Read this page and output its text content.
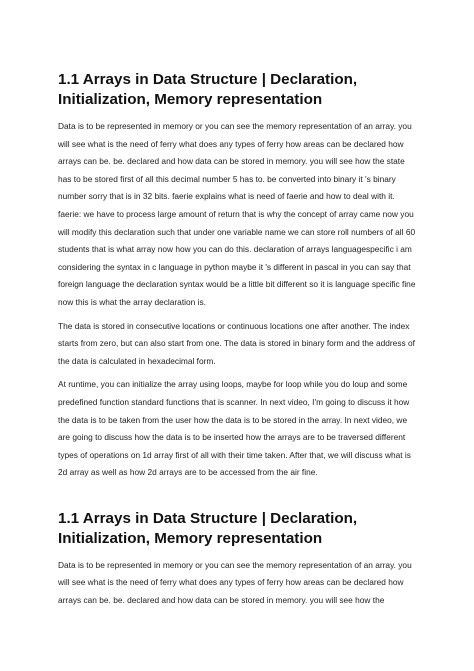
1.1 Arrays in Data Structure | Declaration, Initialization, Memory representation

Data is to be represented in memory or you can see the memory representation of an array. you will see what is the need of ferry what does any types of ferry how areas can be declared how arrays can be. be. declared and how data can be stored in memory. you will see how the state has to be stored first of all this decimal number 5 has to. be converted into binary it 's binary number sorry that is in 32 bits. faerie explains what is need of faerie and how to deal with it. faerie: we have to process large amount of return that is why the concept of array came now you will modify this declaration such that under one variable name we can store roll numbers of all 60 students that is what array now how you can do this. declaration of arrays languagespecific i am considering the syntax in c language in python maybe it 's different in pascal in you can say that foreign language the declaration syntax would be a little bit different so it is language specific fine now this is what the array declaration is.

The data is stored in consecutive locations or continuous locations one after another. The index starts from zero, but can also start from one. The data is stored in binary form and the address of the data is calculated in hexadecimal form.

At runtime, you can initialize the array using loops, maybe for loop while you do loup and some predefined function standard functions that is scanner. In next video, I'm going to discuss it how the data is to be taken from the user how the data is to be stored in the array. In next video, we are going to discuss how the data is to be inserted how the arrays are to be traversed different types of operations on 1d array first of all with their time taken. After that, we will discuss what is 2d array as well as how 2d arrays are to be accessed from the air fine.

1.1 Arrays in Data Structure | Declaration, Initialization, Memory representation

Data is to be represented in memory or you can see the memory representation of an array. you will see what is the need of ferry what does any types of ferry how areas can be declared how arrays can be. be. declared and how data can be stored in memory. you will see how the
